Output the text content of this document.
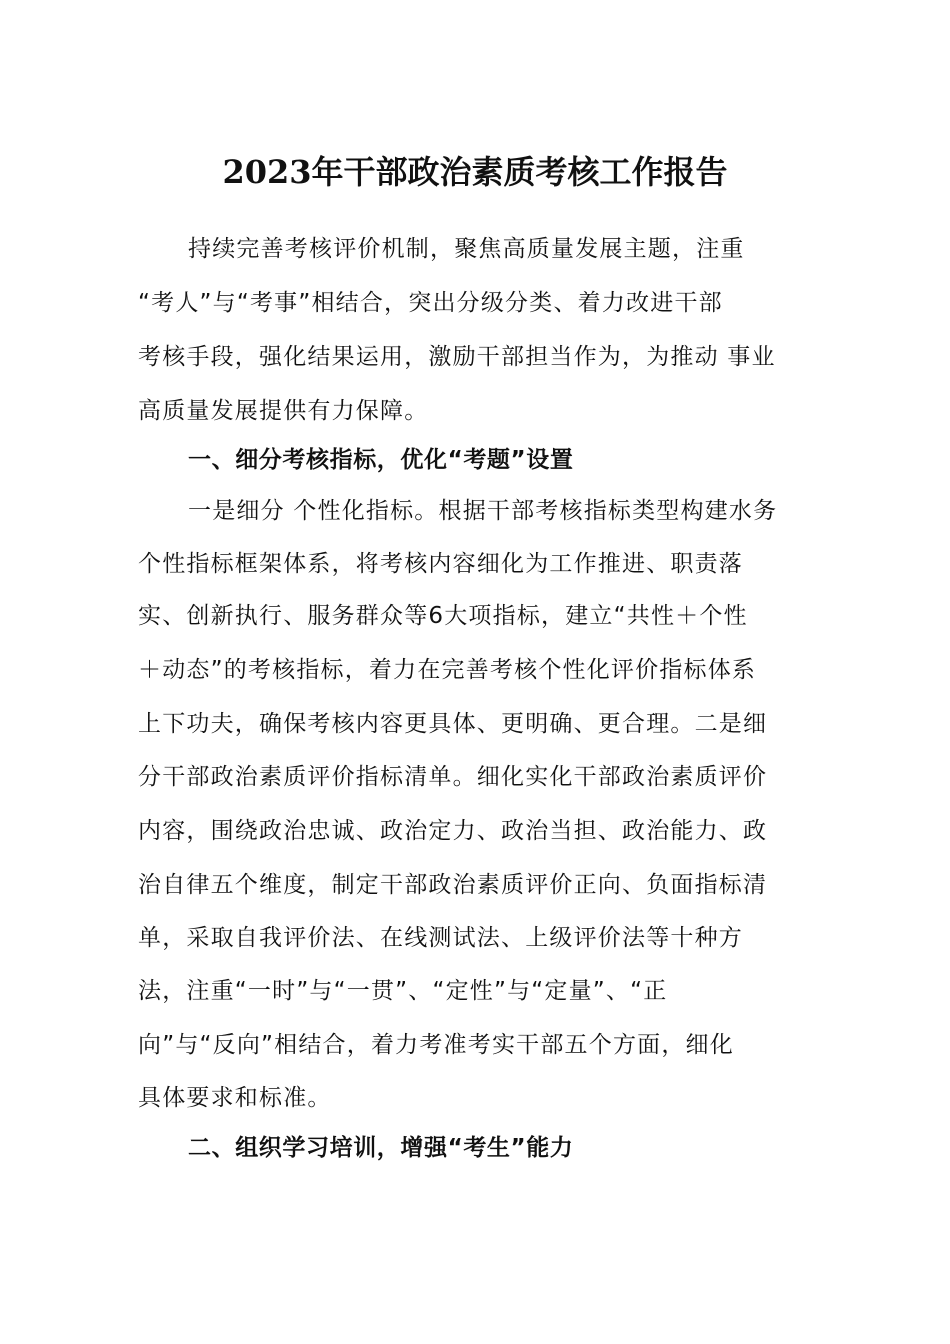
2023年干部政治素质考核工作报告
持续完善考核评价机制，聚焦高质量发展主题，注重
“考人”与“考事”相结合，突出分级分类、着力改进干部
考核手段，强化结果运用，激励干部担当作为，为推动 事业
高质量发展提供有力保障。
一、细分考核指标，优化“考题”设置
一是细分 个性化指标。根据干部考核指标类型构建水务
个性指标框架体系，将考核内容细化为工作推进、职责落
实、创新执行、服务群众等6大项指标，建立“共性＋个性
＋动态”的考核指标，着力在完善考核个性化评价指标体系
上下功夫，确保考核内容更具体、更明确、更合理。二是细
分干部政治素质评价指标清单。细化实化干部政治素质评价
内容，围绕政治忠诚、政治定力、政治当担、政治能力、政
治自律五个维度，制定干部政治素质评价正向、负面指标清
单，采取自我评价法、在线测试法、上级评价法等十种方
法，注重“一时”与“一贯”、“定性”与“定量”、“正
向”与“反向”相结合，着力考准考实干部五个方面，细化
具体要求和标准。
二、组织学习培训，增强“考生”能力
